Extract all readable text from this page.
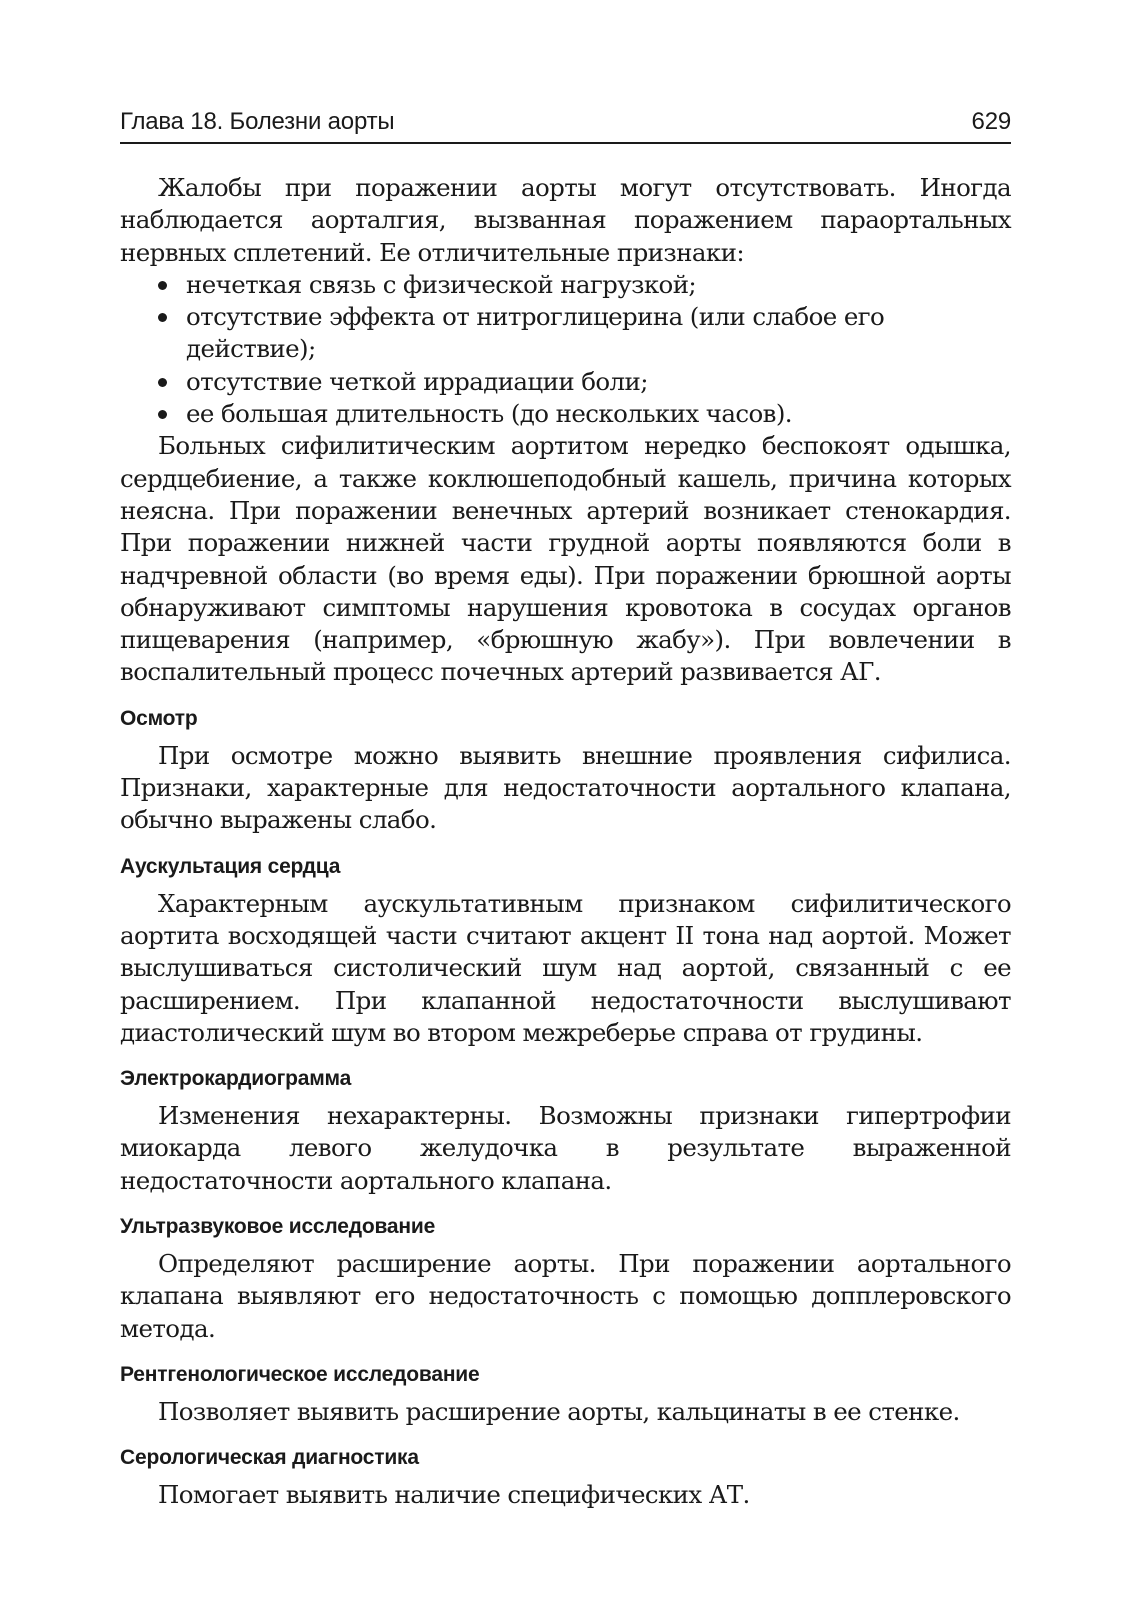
Глава 18. Болезни аорты	629

Жалобы при поражении аорты могут отсутствовать. Иногда наблюдается аорталгия, вызванная поражением параортальных нервных сплетений. Ее отличительные признаки:

нечеткая связь с физической нагрузкой;
отсутствие эффекта от нитроглицерина (или слабое его действие);
отсутствие четкой иррадиации боли;
ее большая длительность (до нескольких часов).

Больных сифилитическим аортитом нередко беспокоят одышка, сердцебиение, а также коклюшеподобный кашель, причина которых неясна. При поражении венечных артерий возникает стенокардия. При поражении нижней части грудной аорты появляются боли в надчревной области (во время еды). При поражении брюшной аорты обнаруживают симптомы нарушения кровотока в сосудах органов пищеварения (например, «брюшную жабу»). При вовлечении в воспалительный процесс почечных артерий развивается АГ.

Осмотр

При осмотре можно выявить внешние проявления сифилиса. Признаки, характерные для недостаточности аортального клапана, обычно выражены слабо.

Аускультация сердца

Характерным аускультативным признаком сифилитического аортита восходящей части считают акцент II тона над аортой. Может выслушиваться систолический шум над аортой, связанный с ее расширением. При клапанной недостаточности выслушивают диастолический шум во втором межреберье справа от грудины.

Электрокардиограмма

Изменения нехарактерны. Возможны признаки гипертрофии миокарда левого желудочка в результате выраженной недостаточности аортального клапана.

Ультразвуковое исследование

Определяют расширение аорты. При поражении аортального клапана выявляют его недостаточность с помощью допплеровского метода.

Рентгенологическое исследование

Позволяет выявить расширение аорты, кальцинаты в ее стенке.

Серологическая диагностика

Помогает выявить наличие специфических АТ.
